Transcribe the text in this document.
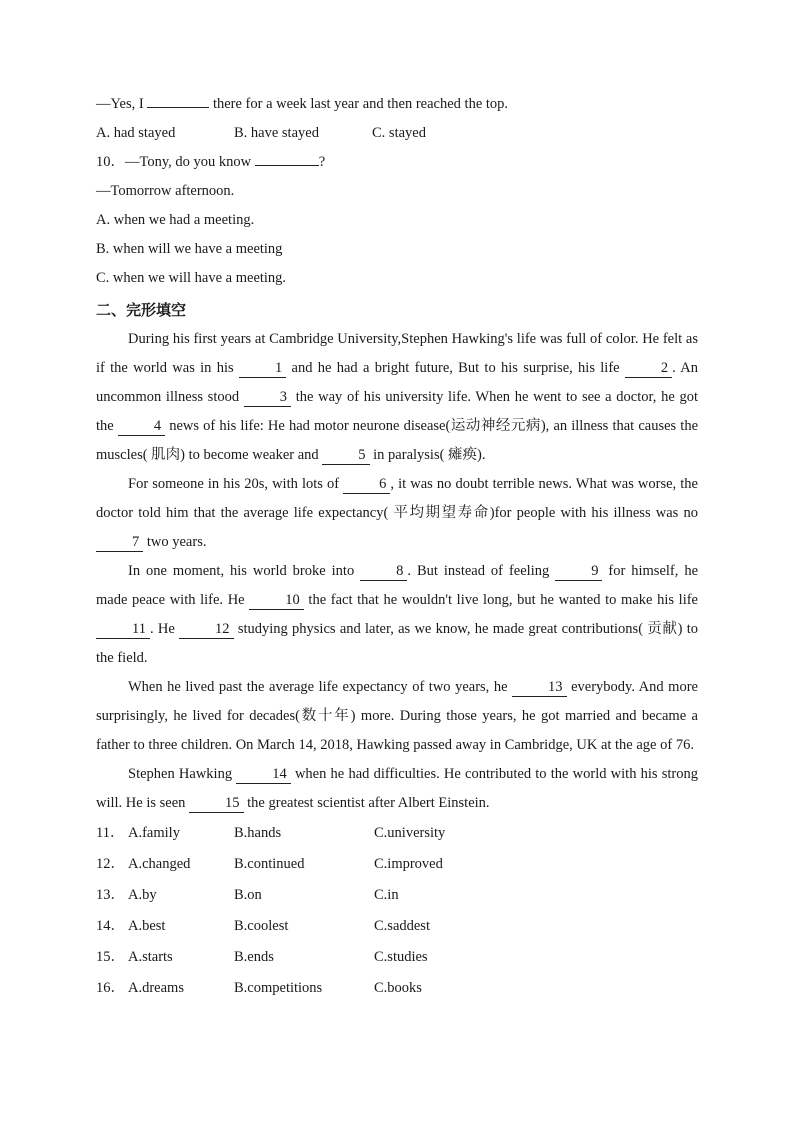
—Yes, I	there for a week last year and then reached the top.
A. had stayed	B. have stayed	C. stayed
10．—Tony, do you know	?
—Tomorrow afternoon.
A. when we had a meeting.
B. when will we have a meeting
C. when we will have a meeting.
二、完形填空

During his first years at Cambridge University,Stephen Hawking's life was full of color. He felt as if the world was in his 1 and he had a bright future, But to his surprise, his life 2 . An uncommon illness stood 3 the way of his university life. When he went to see a doctor, he got the 4 news of his life: He had motor neurone disease(运动神经元病), an illness that causes the muscles( 肌肉) to become weaker and 5 in paralysis( 瘫痪).

For someone in his 20s, with lots of 6 , it was no doubt terrible news. What was worse, the doctor told him that the average life expectancy( 平均期望寿命)for people with his illness was no 7 two years.

In one moment, his world broke into 8 . But instead of feeling 9 for himself, he made peace with life. He 10 the fact that he wouldn't live long, but he wanted to make his life 11 . He 12 studying physics and later, as we know, he made great contributions( 贡献) to the field.

When he lived past the average life expectancy of two years, he 13 everybody. And more surprisingly, he lived for decades(数十年) more. During those years, he got married and became a father to three children. On March 14, 2018, Hawking passed away in Cambridge, UK at the age of 76.

Stephen Hawking 14 when he had difficulties. He contributed to the world with his strong will. He is seen 15 the greatest scientist after Albert Einstein.

11． A.family	B.hands	C.university
12． A.changed	B.continued	C.improved
13． A.by	B.on	C.in
14． A.best	B.coolest	C.saddest
15． A.starts	B.ends	C.studies
16． A.dreams	B.competitions	C.books
